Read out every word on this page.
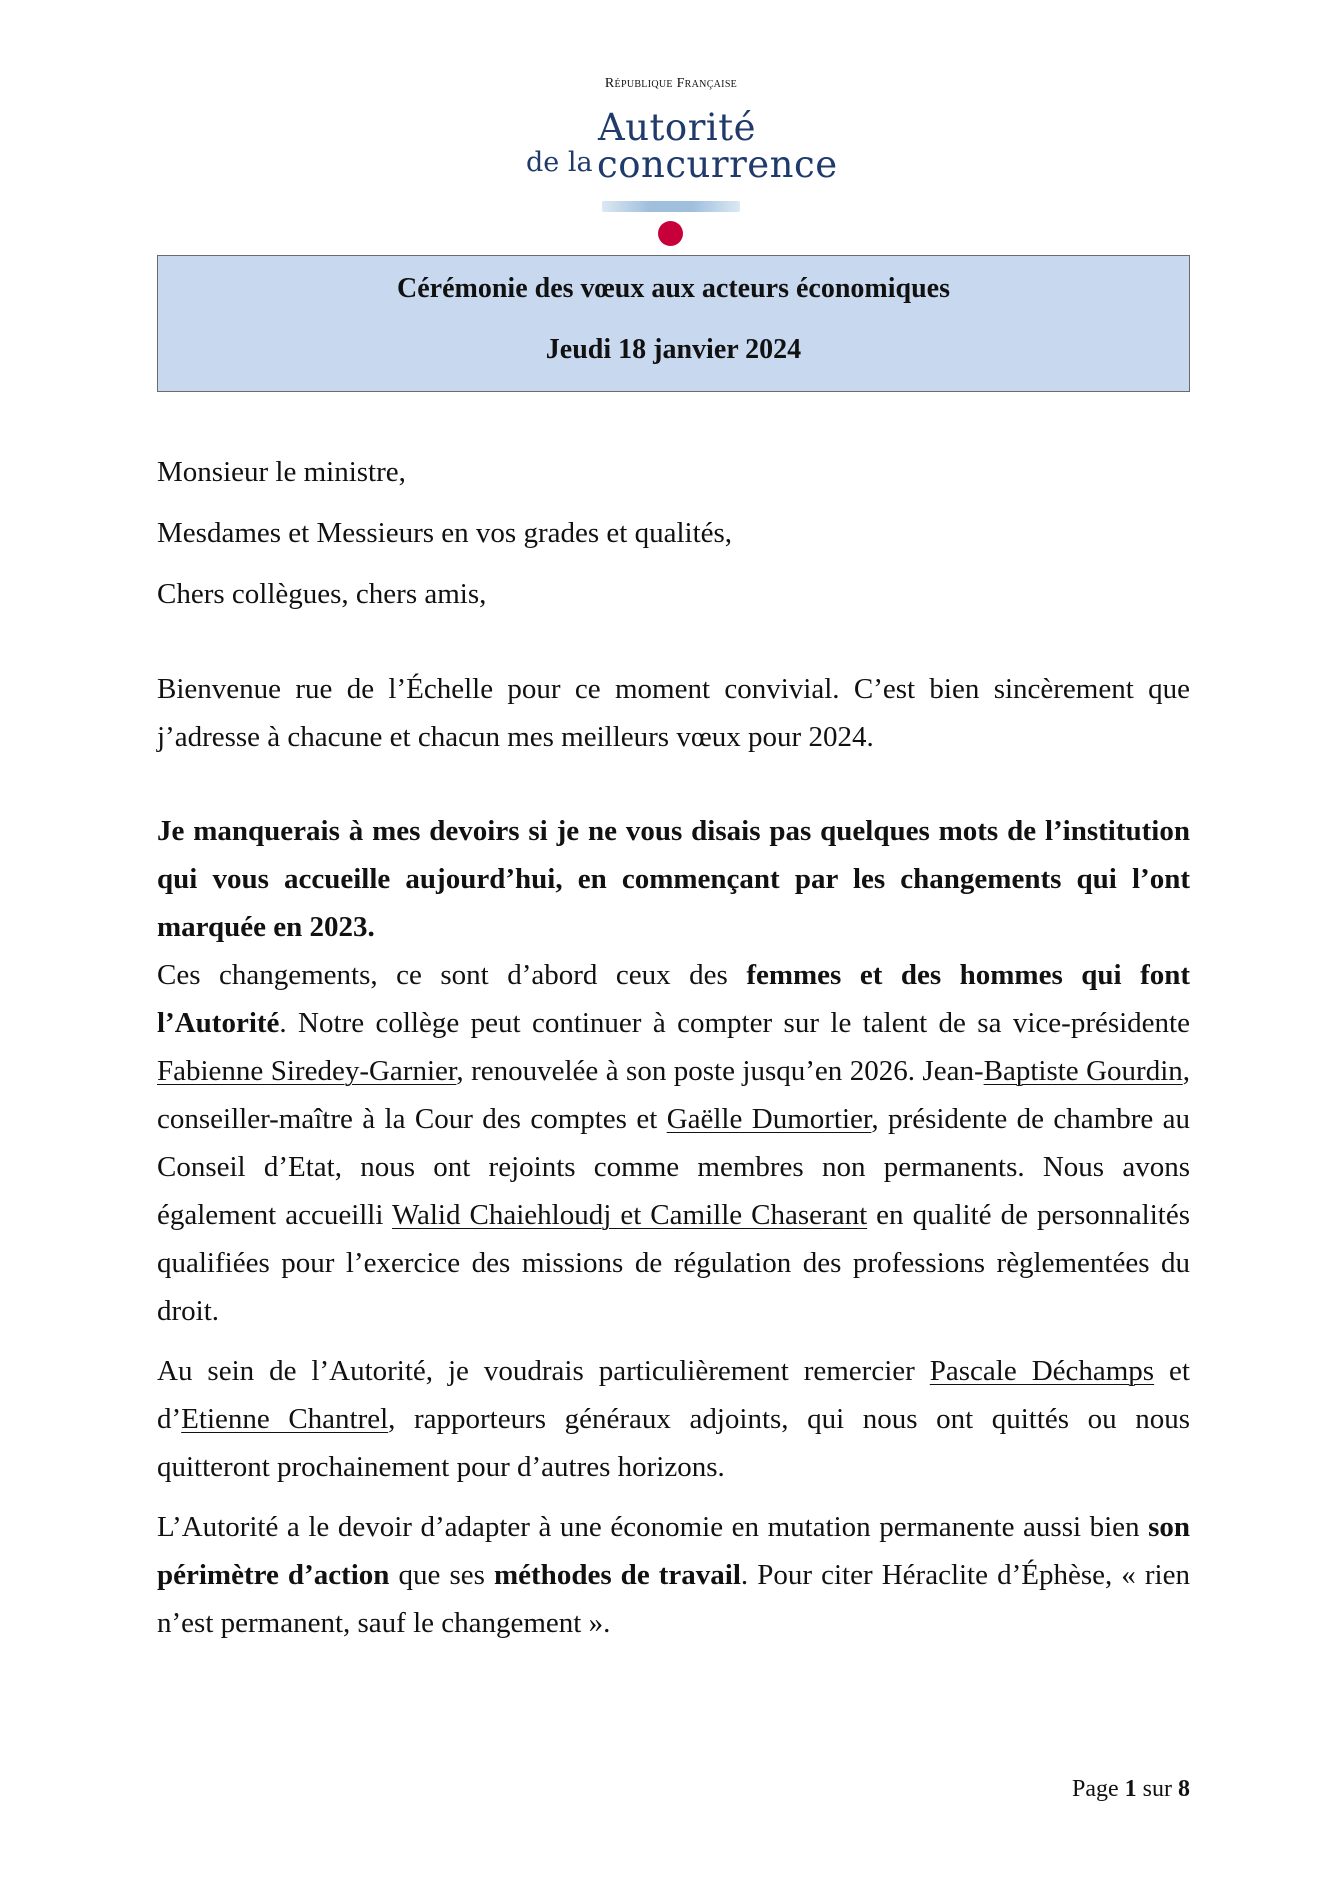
République Française
Autorité
de la concurrence
Cérémonie des vœux aux acteurs économiques
Jeudi 18 janvier 2024

Monsieur le ministre,

Mesdames et Messieurs en vos grades et qualités,

Chers collègues, chers amis,

Bienvenue rue de l’Échelle pour ce moment convivial. C’est bien sincèrement que j’adresse à chacune et chacun mes meilleurs vœux pour 2024.

Je manquerais à mes devoirs si je ne vous disais pas quelques mots de l’institution qui vous accueille aujourd’hui, en commençant par les changements qui l’ont marquée en 2023.

Ces changements, ce sont d’abord ceux des femmes et des hommes qui font l’Autorité. Notre collège peut continuer à compter sur le talent de sa vice-présidente Fabienne Siredey-Garnier, renouvelée à son poste jusqu’en 2026. Jean-Baptiste Gourdin, conseiller-maître à la Cour des comptes et Gaëlle Dumortier, présidente de chambre au Conseil d’Etat, nous ont rejoints comme membres non permanents. Nous avons également accueilli Walid Chaiehloudj et Camille Chaserant en qualité de personnalités qualifiées pour l’exercice des missions de régulation des professions règlementées du droit.

Au sein de l’Autorité, je voudrais particulièrement remercier Pascale Déchamps et d’Etienne Chantrel, rapporteurs généraux adjoints, qui nous ont quittés ou nous quitteront prochainement pour d’autres horizons.

L’Autorité a le devoir d’adapter à une économie en mutation permanente aussi bien son périmètre d’action que ses méthodes de travail. Pour citer Héraclite d’Éphèse, « rien n’est permanent, sauf le changement ».

Page 1 sur 8
